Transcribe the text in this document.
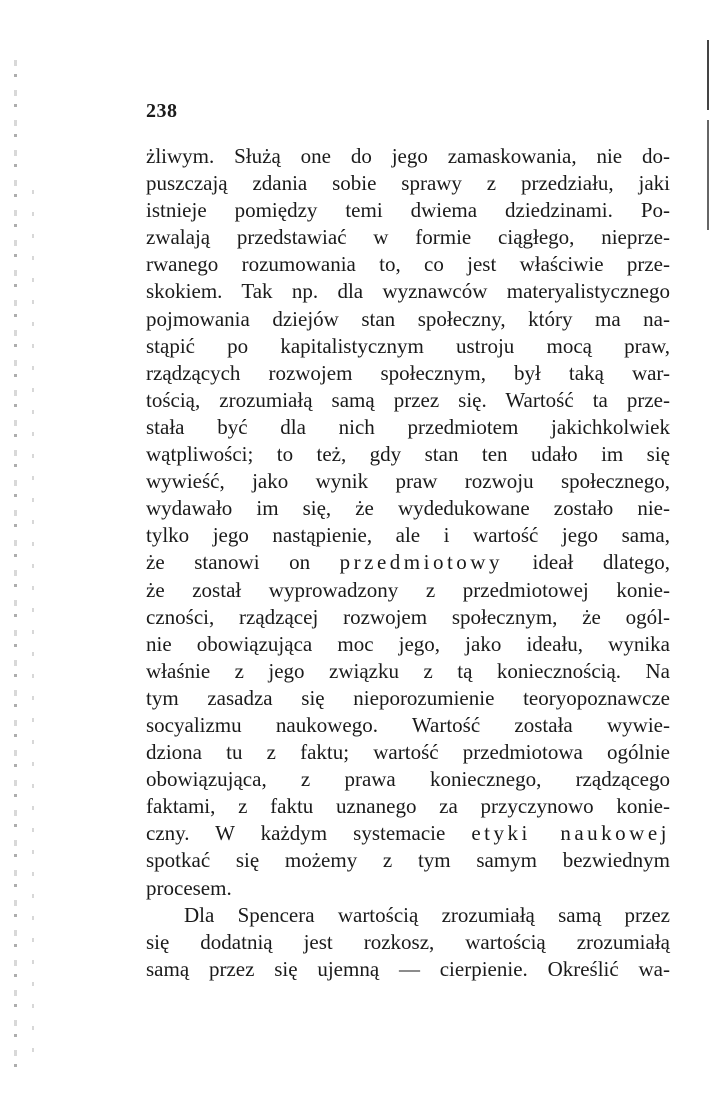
238
żliwym. Służą one do jego zamaskowania, nie do-
puszczają zdania sobie sprawy z przedziału, jaki
istnieje pomiędzy temi dwiema dziedzinami. Po-
zwalają przedstawiać w formie ciągłego, nieprze-
rwanego rozumowania to, co jest właściwie prze-
skokiem. Tak np. dla wyznawców materyalistycznego
pojmowania dziejów stan społeczny, który ma na-
stąpić po kapitalistycznym ustroju mocą praw,
rządzących rozwojem społecznym, był taką war-
tością, zrozumiałą samą przez się. Wartość ta prze-
stała być dla nich przedmiotem jakichkolwiek
wątpliwości; to też, gdy stan ten udało im się
wywieść, jako wynik praw rozwoju społecznego,
wydawało im się, że wydedukowane zostało nie-
tylko jego nastąpienie, ale i wartość jego sama,
że stanowi on przedmiotowy ideał dlatego,
że został wyprowadzony z przedmiotowej konie-
czności, rządzącej rozwojem społecznym, że ogól-
nie obowiązująca moc jego, jako ideału, wynika
właśnie z jego związku z tą koniecznością. Na
tym zasadza się nieporozumienie teoryopoznawcze
socyalizmu naukowego. Wartość została wywie-
dziona tu z faktu; wartość przedmiotowa ogólnie
obowiązująca, z prawa koniecznego, rządzącego
faktami, z faktu uznanego za przyczynowo konie-
czny. W każdym systemacie etyki naukowej
spotkać się możemy z tym samym bezwiednym
procesem.
Dla Spencera wartością zrozumiałą samą przez
się dodatnią jest rozkosz, wartością zrozumiałą
samą przez się ujemną — cierpienie. Określić wa-
